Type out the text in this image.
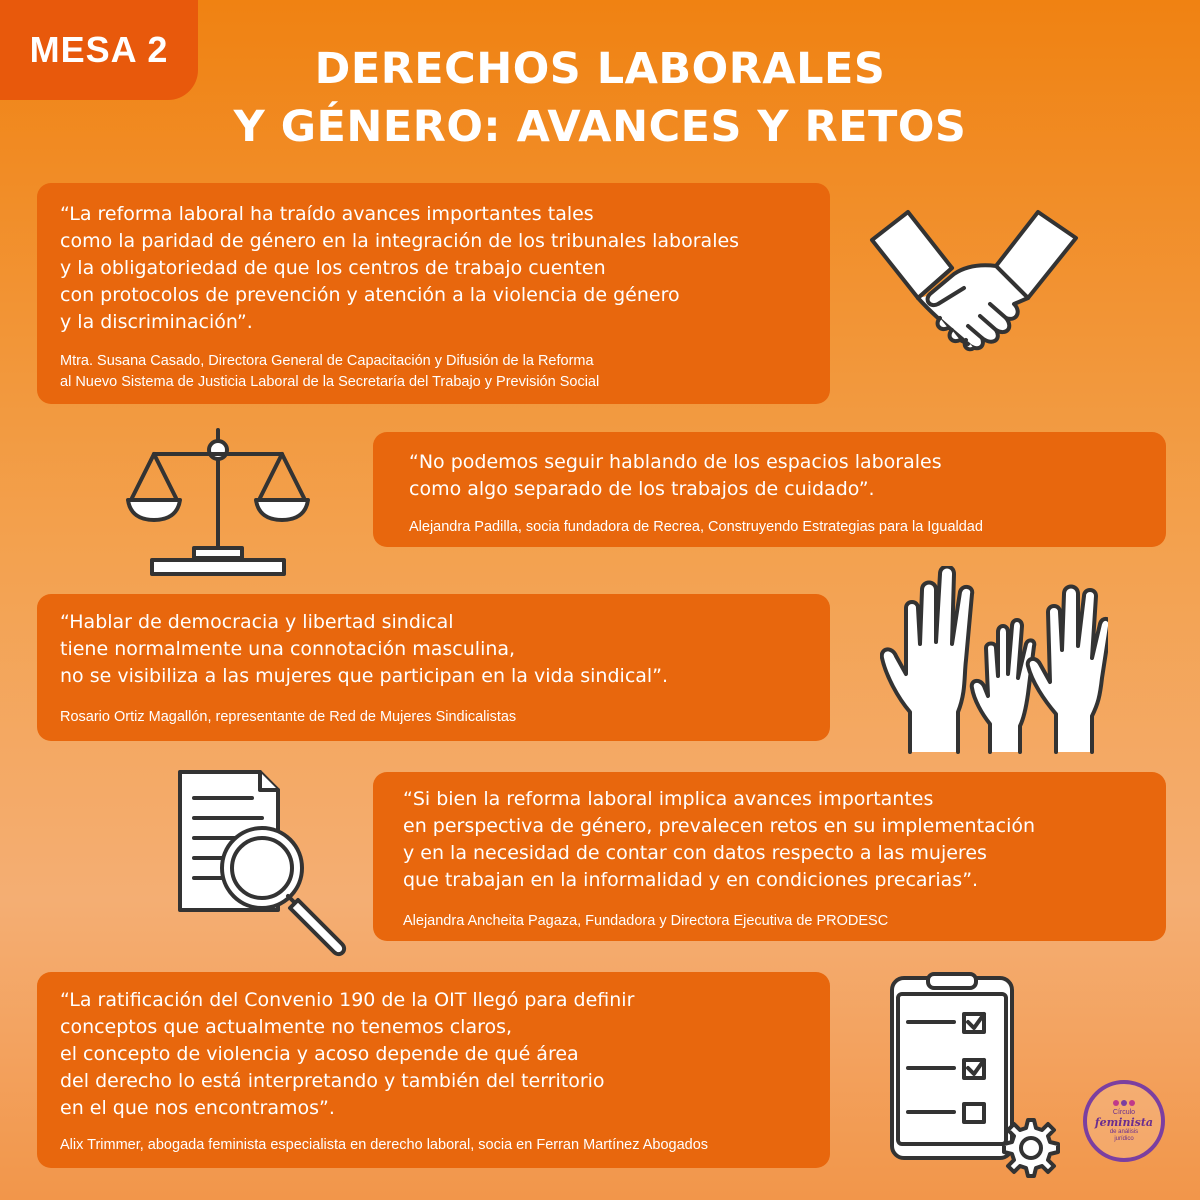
MESA 2	DERECHOS LABORALES
Y GÉNERO: AVANCES Y RETOS

“La reforma laboral ha traído avances importantes tales
como la paridad de género en la integración de los tribunales laborales
y la obligatoriedad de que los centros de trabajo cuenten
con protocolos de prevención y atención a la violencia de género
y la discriminación”.

Mtra. Susana Casado, Directora General de Capacitación y Difusión de la Reforma
al Nuevo Sistema de Justicia Laboral de la Secretaría del Trabajo y Previsión Social

“No podemos seguir hablando de los espacios laborales
como algo separado de los trabajos de cuidado”.

Alejandra Padilla, socia fundadora de Recrea, Construyendo Estrategias para la Igualdad

“Hablar de democracia y libertad sindical
tiene normalmente una connotación masculina,
no se visibiliza a las mujeres que participan en la vida sindical”.

Rosario Ortiz Magallón, representante de Red de Mujeres Sindicalistas

“Si bien la reforma laboral implica avances importantes
en perspectiva de género, prevalecen retos en su implementación
y en la necesidad de contar con datos respecto a las mujeres
que trabajan en la informalidad y en condiciones precarias”.

Alejandra Ancheita Pagaza, Fundadora y Directora Ejecutiva de PRODESC

“La ratificación del Convenio 190 de la OIT llegó para definir
conceptos que actualmente no tenemos claros,
el concepto de violencia y acoso depende de qué área
del derecho lo está interpretando y también del territorio
en el que nos encontramos”.

Alix Trimmer, abogada feminista especialista en derecho laboral, socia en Ferran Martínez Abogados

Círculo
feminista
de análisis
jurídico
